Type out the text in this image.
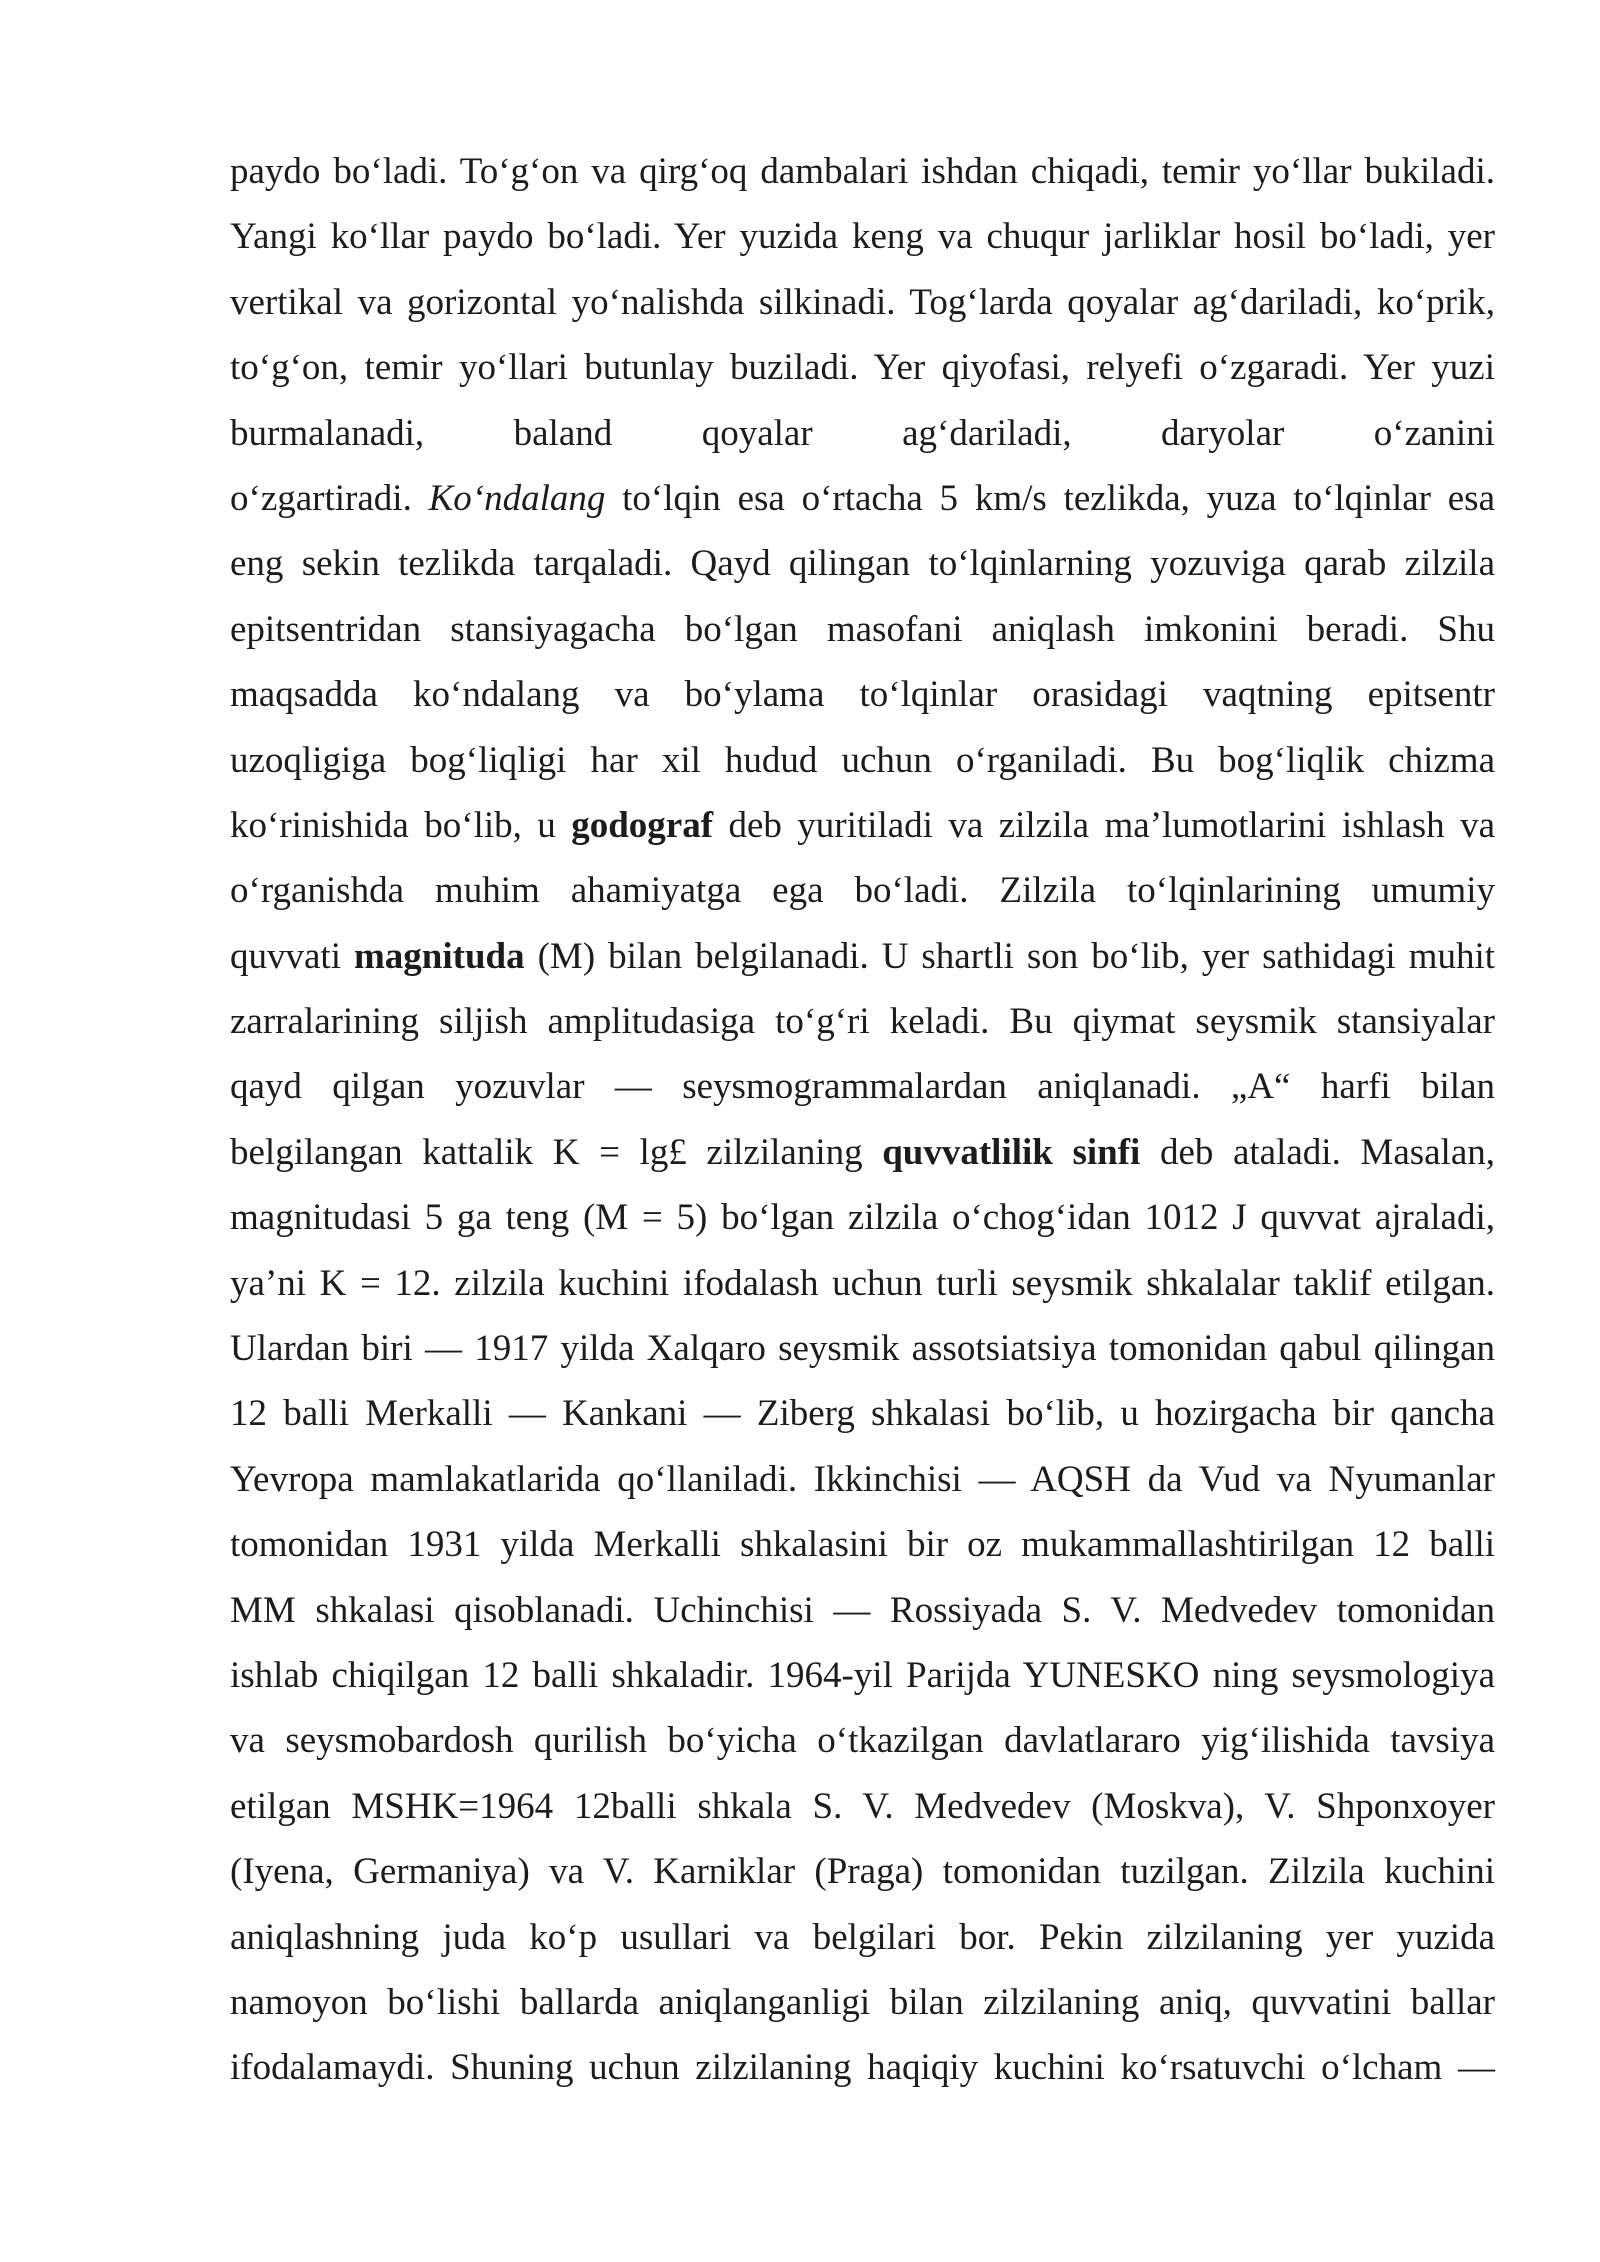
paydo bo‘ladi. To‘g‘on va qirg‘oq dambalari ishdan chiqadi, temir yo‘llar bukiladi.
Yangi ko‘llar paydo bo‘ladi. Yer yuzida keng va chuqur jarliklar hosil bo‘ladi, yer
vertikal va gorizontal yo‘nalishda silkinadi. Tog‘larda qoyalar ag‘dariladi, ko‘prik,
to‘g‘on, temir yo‘llari butunlay buziladi. Yer qiyofasi, relyefi o‘zgaradi. Yer yuzi
burmalanadi, baland qoyalar ag‘dariladi, daryolar o‘zanini
o‘zgartiradi. Ko‘ndalang to‘lqin esa o‘rtacha 5 km/s tezlikda, yuza to‘lqinlar esa
eng sekin tezlikda tarqaladi. Qayd qilingan to‘lqinlarning yozuviga qarab zilzila
epitsentridan stansiyagacha bo‘lgan masofani aniqlash imkonini beradi. Shu
maqsadda ko‘ndalang va bo‘ylama to‘lqinlar orasidagi vaqtning epitsentr
uzoqligiga bog‘liqligi har xil hudud uchun o‘rganiladi. Bu bog‘liqlik chizma
ko‘rinishida bo‘lib, u godograf deb yuritiladi va zilzila ma’lumotlarini ishlash va
o‘rganishda muhim ahamiyatga ega bo‘ladi. Zilzila to‘lqinlarining umumiy
quvvati magnituda (M) bilan belgilanadi. U shartli son bo‘lib, yer sathidagi muhit
zarralarining siljish amplitudasiga to‘g‘ri keladi. Bu qiymat seysmik stansiyalar
qayd qilgan yozuvlar — seysmogrammalardan aniqlanadi. „A“ harfi bilan
belgilangan kattalik K = lg£ zilzilaning quvvatlilik sinfi deb ataladi. Masalan,
magnitudasi 5 ga teng (M = 5) bo‘lgan zilzila o‘chog‘idan 1012 J quvvat ajraladi,
ya’ni K = 12. zilzila kuchini ifodalash uchun turli seysmik shkalalar taklif etilgan.
Ulardan biri — 1917 yilda Xalqaro seysmik assotsiatsiya tomonidan qabul qilingan
12 balli Merkalli — Kankani — Ziberg shkalasi bo‘lib, u hozirgacha bir qancha
Yevropa mamlakatlarida qo‘llaniladi. Ikkinchisi — AQSH da Vud va Nyumanlar
tomonidan 1931 yilda Merkalli shkalasini bir oz mukammallashtirilgan 12 balli
MM shkalasi qisoblanadi. Uchinchisi — Rossiyada S. V. Medvedev tomonidan
ishlab chiqilgan 12 balli shkaladir. 1964-yil Parijda YUNESKO ning seysmologiya
va seysmobardosh qurilish bo‘yicha o‘tkazilgan davlatlararo yig‘ilishida tavsiya
etilgan MSHK=1964 12balli shkala S. V. Medvedev (Moskva), V. Shponxoyer
(Iyena, Germaniya) va V. Karniklar (Praga) tomonidan tuzilgan. Zilzila kuchini
aniqlashning juda ko‘p usullari va belgilari bor. Pekin zilzilaning yer yuzida
namoyon bo‘lishi ballarda aniqlanganligi bilan zilzilaning aniq, quvvatini ballar
ifodalamaydi. Shuning uchun zilzilaning haqiqiy kuchini ko‘rsatuvchi o‘lcham —
